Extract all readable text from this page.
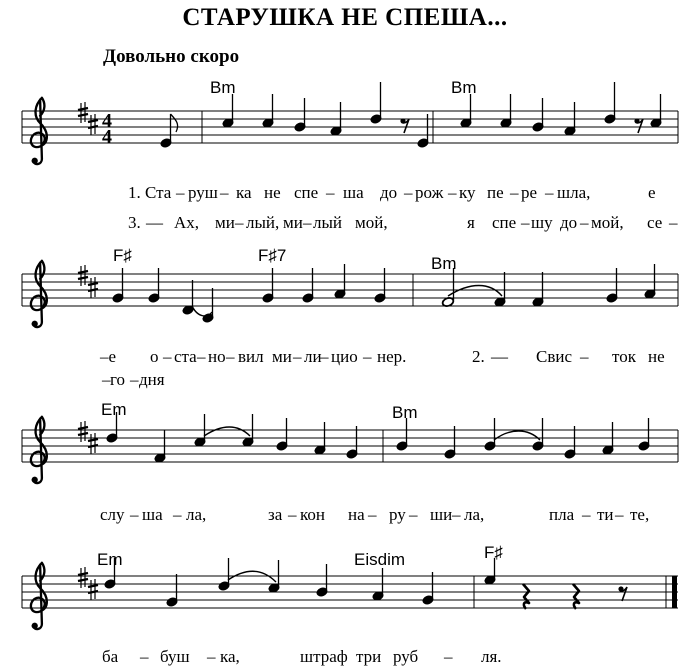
СТАРУШКА НЕ СПЕША...
Довольно скоро
Bm	Bm
F♯	F♯7	Bm
Em	Bm
Em	Eisdim	F♯
1. Ста – руш – ка не спе – ша до – рож – ку пе – ре – шла,	е
3. — Ах, ми – лый, ми – лый мой,	я спе – шу до – мой, се –
–е о – ста – но – вил ми – ли
– цио – нер.	2. — Свис – ток не
– го – дня
слу – ша – ла,	за – кон на – ру – ши – ла,	пла – ти – те,
ба – буш – ка,	штраф три руб – ля.
4
4
